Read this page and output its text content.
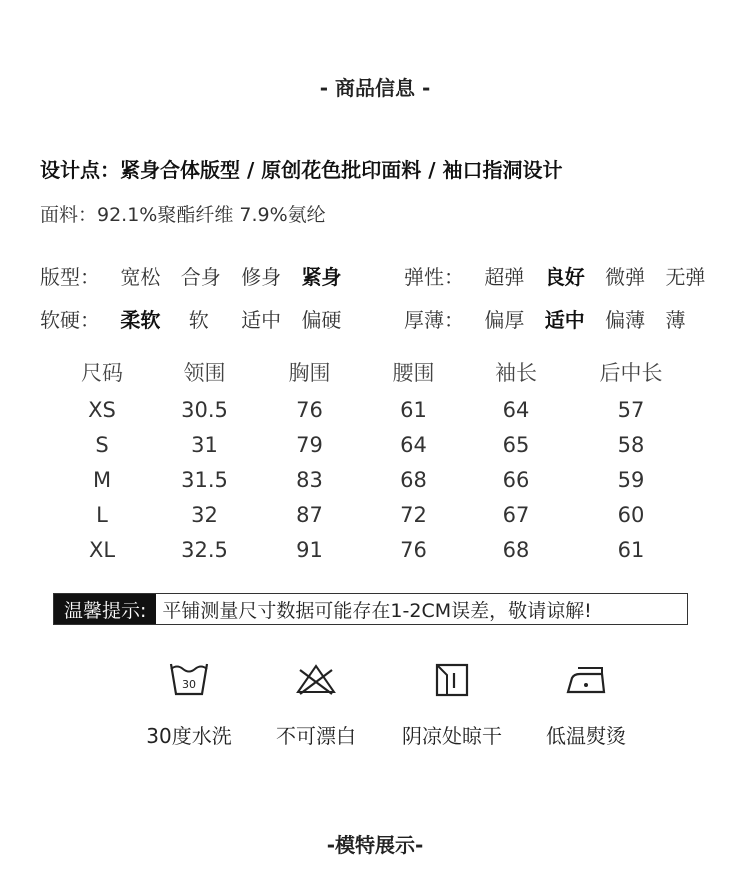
- 商品信息 -
设计点：紧身合体版型 / 原创花色批印面料 / 袖口指洞设计
面料：92.1%聚酯纤维 7.9%氨纶
版型： 宽松 合身 修身 紧身	弹性： 超弹 良好 微弹 无弹
软硬： 柔软 软 适中 偏硬	厚薄： 偏厚 适中 偏薄 薄
尺码	领围	胸围	腰围	袖长	后中长
XS	30.5	76	61	64	57
S	31	79	64	65	58
M	31.5	83	68	66	59
L	32	87	72	67	60
XL	32.5	91	76	68	61
温馨提示: 平铺测量尺寸数据可能存在1-2CM误差，敬请谅解!
30
30度水洗	不可漂白	阴凉处晾干	低温熨烫
-模特展示-
